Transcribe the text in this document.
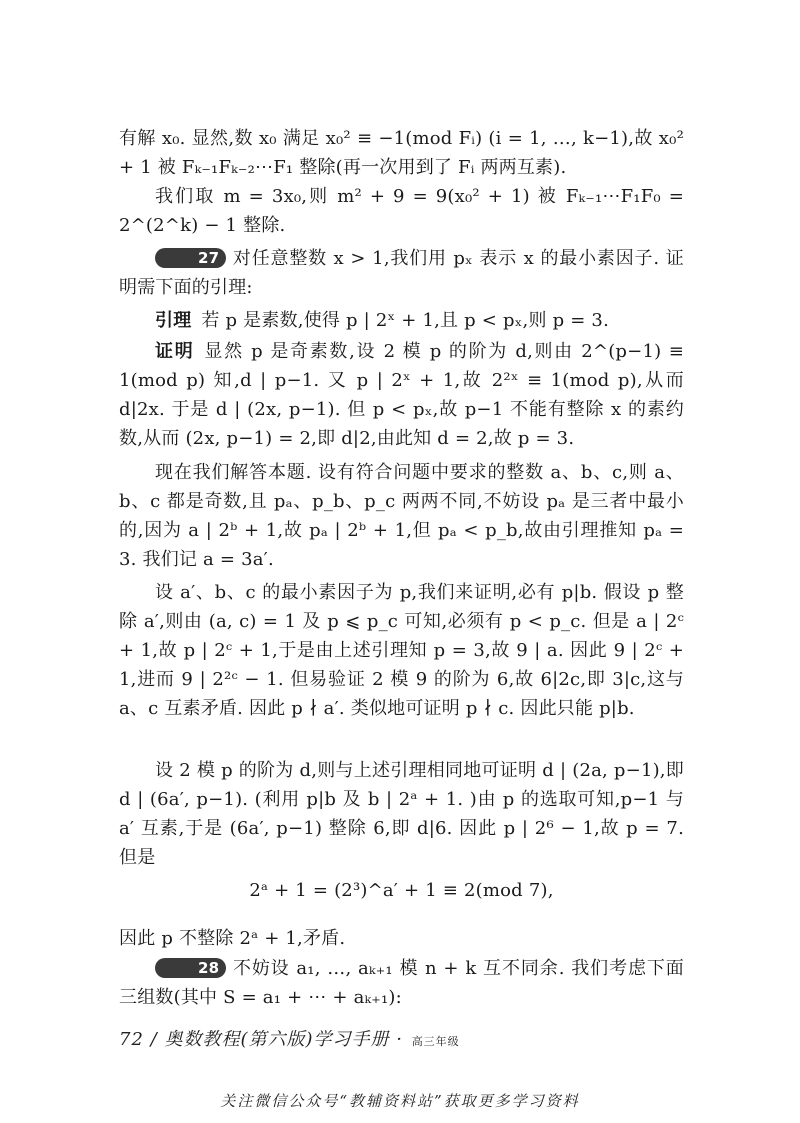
有解 x₀. 显然,数 x₀ 满足 x₀² ≡ −1(mod Fᵢ) (i = 1, …, k−1),故 x₀² + 1 被 Fₖ₋₁Fₖ₋₂⋯F₁ 整除(再一次用到了 Fᵢ 两两互素).

我们取 m = 3x₀,则 m² + 9 = 9(x₀² + 1) 被 Fₖ₋₁⋯F₁F₀ = 2^(2^k) − 1 整除.

27 对任意整数 x > 1,我们用 pₓ 表示 x 的最小素因子. 证明需下面的引理:

引理 若 p 是素数,使得 p | 2ˣ + 1,且 p < pₓ,则 p = 3.

证明 显然 p 是奇素数,设 2 模 p 的阶为 d,则由 2^(p−1) ≡ 1(mod p) 知,d | p−1. 又 p | 2ˣ + 1,故 2²ˣ ≡ 1(mod p),从而 d|2x. 于是 d | (2x, p−1). 但 p < pₓ,故 p−1 不能有整除 x 的素约数,从而 (2x, p−1) = 2,即 d|2,由此知 d = 2,故 p = 3.

现在我们解答本题. 设有符合问题中要求的整数 a、b、c,则 a、b、c 都是奇数,且 pₐ、p_b、p_c 两两不同,不妨设 pₐ 是三者中最小的,因为 a | 2ᵇ + 1,故 pₐ | 2ᵇ + 1,但 pₐ < p_b,故由引理推知 pₐ = 3. 我们记 a = 3a′.

设 a′、b、c 的最小素因子为 p,我们来证明,必有 p|b. 假设 p 整除 a′,则由 (a, c) = 1 及 p ⩽ p_c 可知,必须有 p < p_c. 但是 a | 2ᶜ + 1,故 p | 2ᶜ + 1,于是由上述引理知 p = 3,故 9 | a. 因此 9 | 2ᶜ + 1,进而 9 | 2²ᶜ − 1. 但易验证 2 模 9 的阶为 6,故 6|2c,即 3|c,这与 a、c 互素矛盾. 因此 p ∤ a′. 类似地可证明 p ∤ c. 因此只能 p|b.

设 2 模 p 的阶为 d,则与上述引理相同地可证明 d | (2a, p−1),即 d | (6a′, p−1). (利用 p|b 及 b | 2ᵃ + 1. )由 p 的选取可知,p−1 与 a′ 互素,于是 (6a′, p−1) 整除 6,即 d|6. 因此 p | 2⁶ − 1,故 p = 7. 但是

2ᵃ + 1 = (2³)^a′ + 1 ≡ 2(mod 7),

因此 p 不整除 2ᵃ + 1,矛盾.

28 不妨设 a₁, …, aₖ₊₁ 模 n + k 互不同余. 我们考虑下面三组数(其中 S = a₁ + ⋯ + aₖ₊₁):

72 / 奥数教程(第六版)学习手册 · 高三年级
关注微信公众号“教辅资料站”获取更多学习资料
